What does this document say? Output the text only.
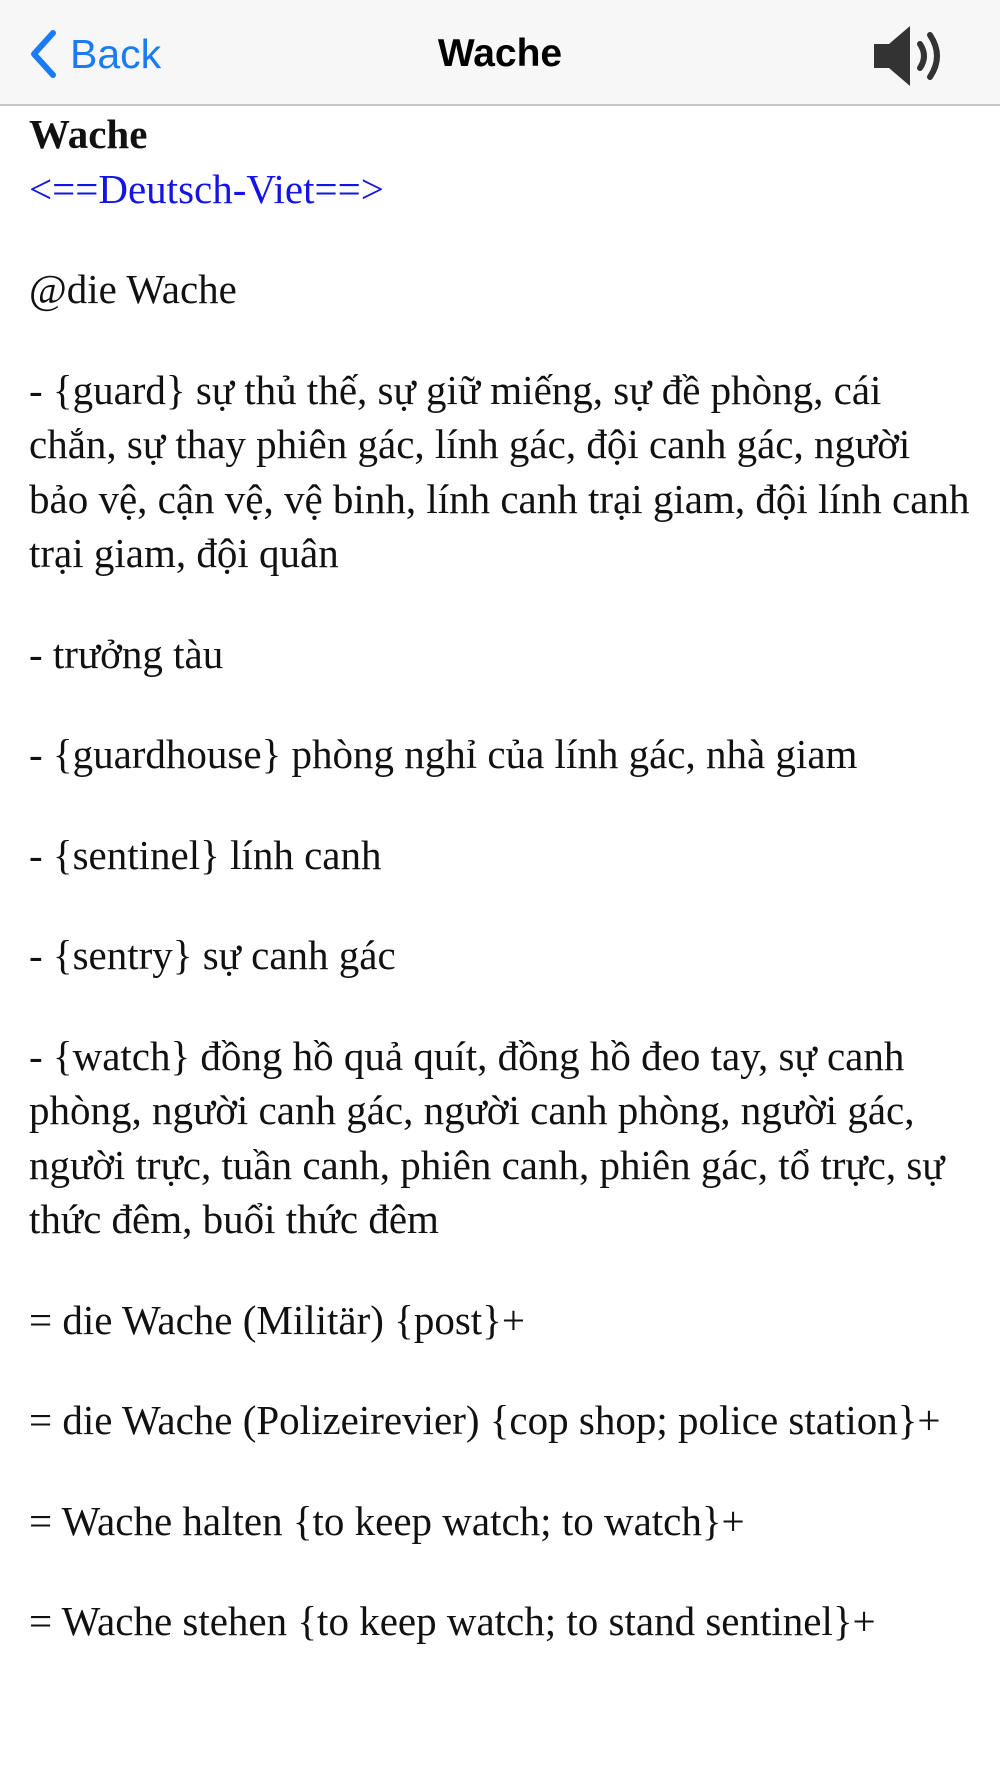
Back	Wache
Wache
<==Deutsch-Viet==>

@die Wache

- {guard} sự thủ thế, sự giữ miếng, sự đề phòng, cái chắn, sự thay phiên gác, lính gác, đội canh gác, người bảo vệ, cận vệ, vệ binh, lính canh trại giam, đội lính canh trại giam, đội quân

- trưởng tàu

- {guardhouse} phòng nghỉ của lính gác, nhà giam

- {sentinel} lính canh

- {sentry} sự canh gác

- {watch} đồng hồ quả quít, đồng hồ đeo tay, sự canh phòng, người canh gác, người canh phòng, người gác, người trực, tuần canh, phiên canh, phiên gác, tổ trực, sự thức đêm, buổi thức đêm

= die Wache (Militär) {post}+

= die Wache (Polizeirevier) {cop shop; police station}+

= Wache halten {to keep watch; to watch}+

= Wache stehen {to keep watch; to stand sentinel}+
